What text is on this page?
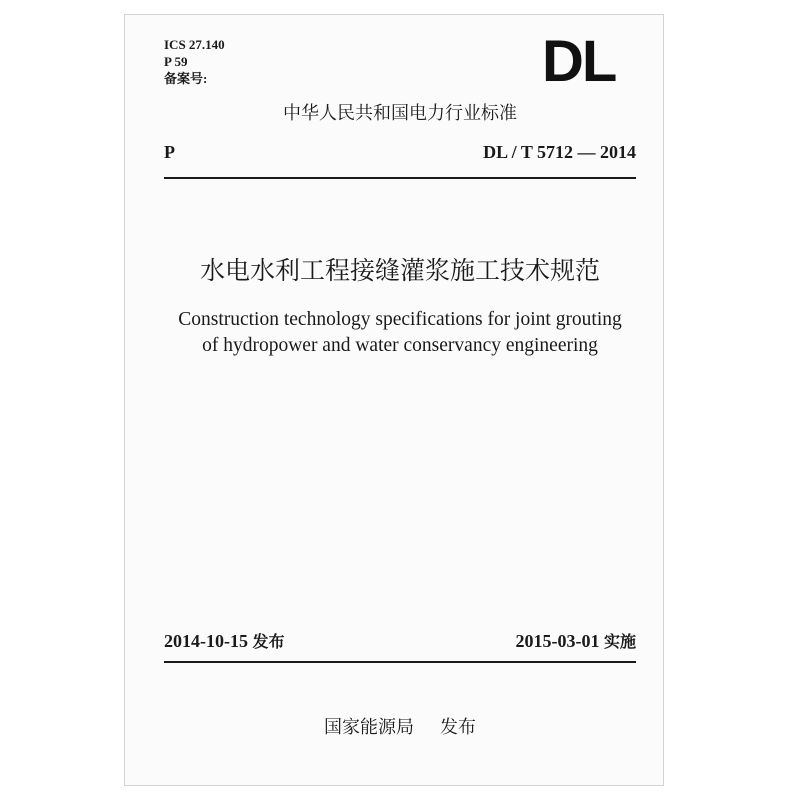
ICS 27.140
P 59
备案号:	DL
中华人民共和国电力行业标准
P	DL / T 5712 — 2014
水电水利工程接缝灌浆施工技术规范
Construction technology specifications for joint grouting
of hydropower and water conservancy engineering
2014-10-15 发布	2015-03-01 实施
国家能源局 发布
